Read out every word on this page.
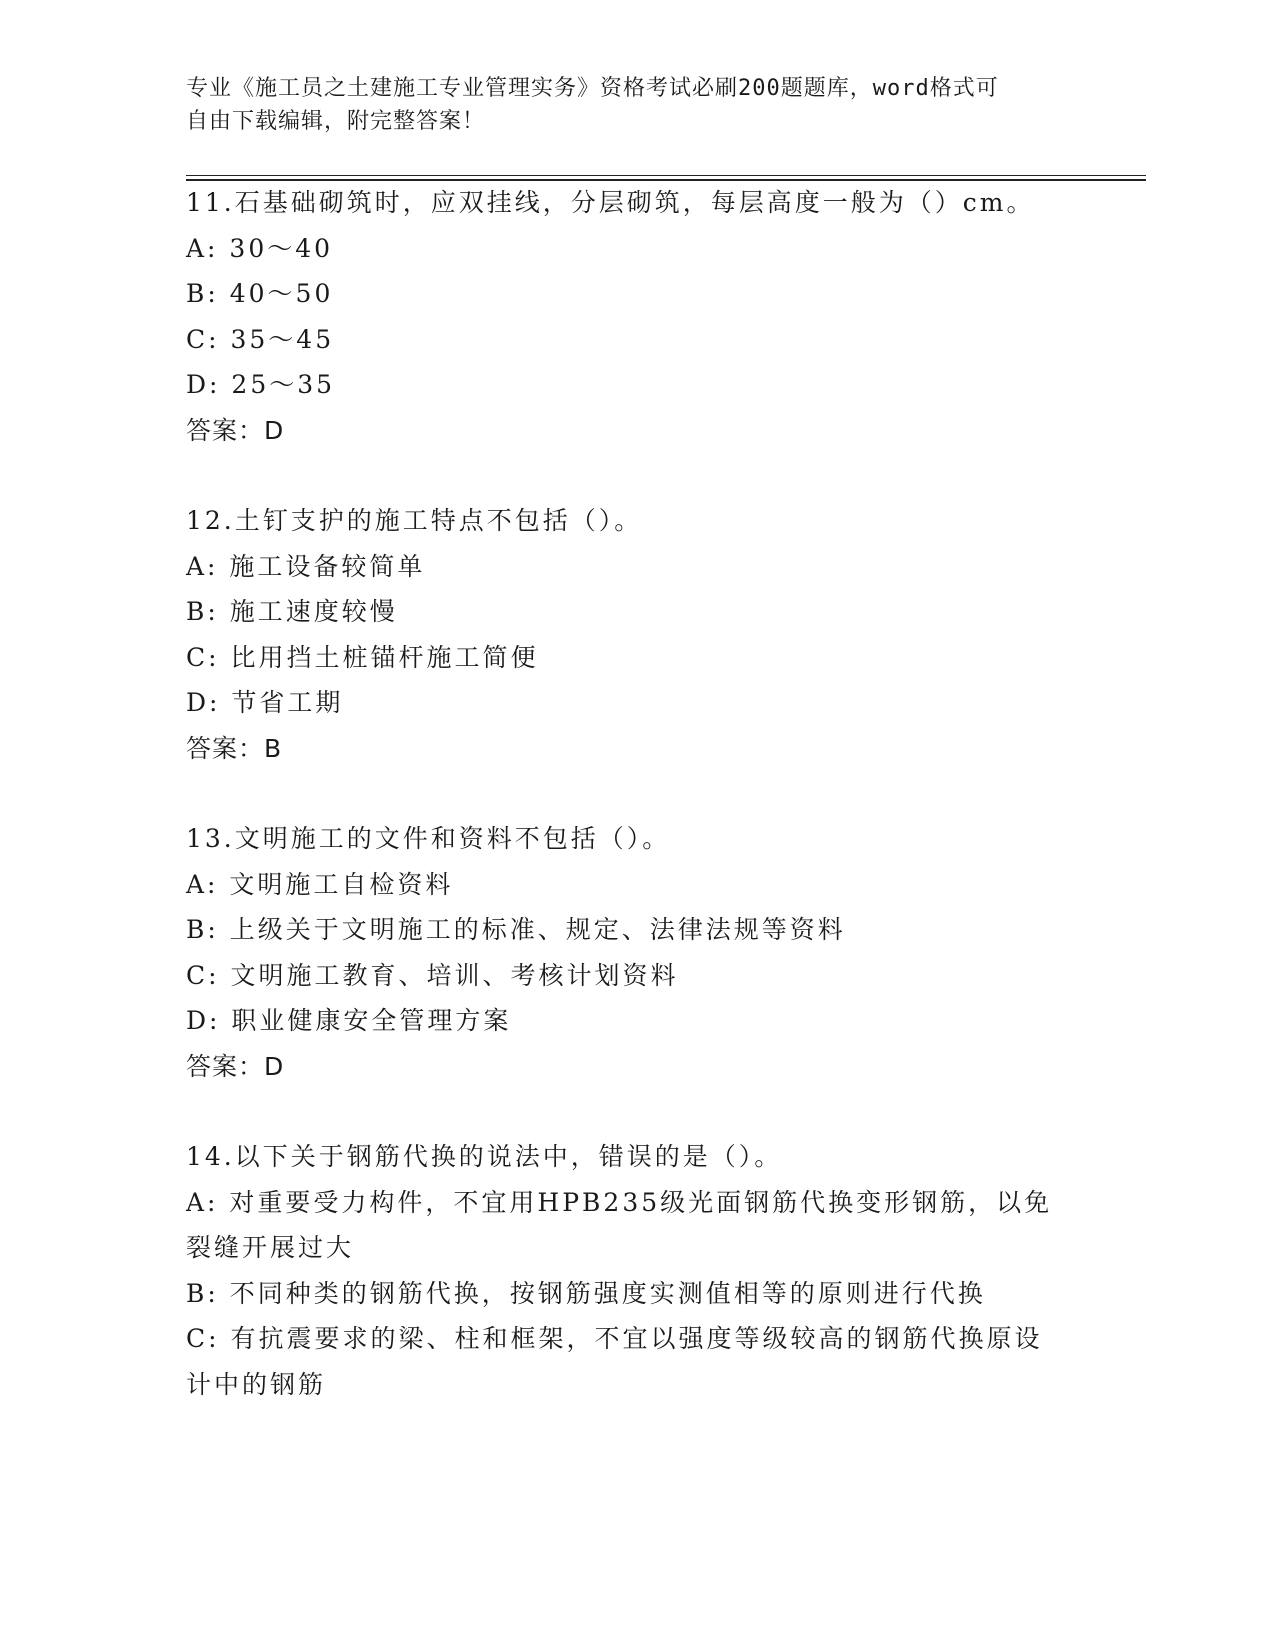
专业《施工员之土建施工专业管理实务》资格考试必刷200题题库，word格式可
自由下载编辑，附完整答案！
11.石基础砌筑时，应双挂线，分层砌筑，每层高度一般为（）cm。
A: 30～40
B: 40～50
C: 35～45
D: 25～35
答案：D
12.土钉支护的施工特点不包括（）。
A: 施工设备较简单
B: 施工速度较慢
C: 比用挡土桩锚杆施工简便
D: 节省工期
答案：B
13.文明施工的文件和资料不包括（）。
A: 文明施工自检资料
B: 上级关于文明施工的标准、规定、法律法规等资料
C: 文明施工教育、培训、考核计划资料
D: 职业健康安全管理方案
答案：D
14.以下关于钢筋代换的说法中，错误的是（）。
A: 对重要受力构件，不宜用HPB235级光面钢筋代换变形钢筋，以免
裂缝开展过大
B: 不同种类的钢筋代换，按钢筋强度实测值相等的原则进行代换
C: 有抗震要求的梁、柱和框架，不宜以强度等级较高的钢筋代换原设
计中的钢筋
